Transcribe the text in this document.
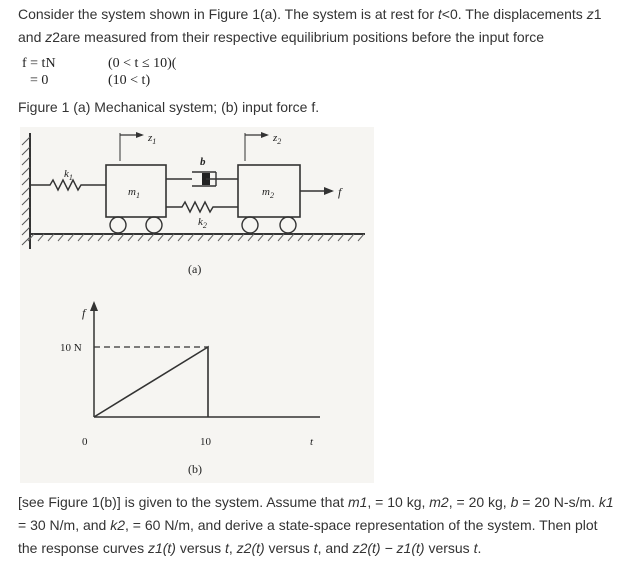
Consider the system shown in Figure 1(a). The system is at rest for t<0. The displacements z1 and z2are measured from their respective equilibrium positions before the input force
f = tN	(0 < t ≤ 10)(
= 0	(10 < t)
Figure 1 (a) Mechanical system; (b) input force f.
$z_1$	$z_2$
$k_1$
b
$m_1$
$k_2$
$m_2$	f
(a)
f
10 N
0	10	t
(b)
[see Figure 1(b)] is given to the system. Assume that m1, = 10 kg, m2, = 20 kg, b = 20 N-s/m. k1 = 30 N/m, and k2, = 60 N/m, and derive a state-space representation of the system. Then plot the response curves z1(t) versus t, z2(t) versus t, and z2(t) − z1(t) versus t.
